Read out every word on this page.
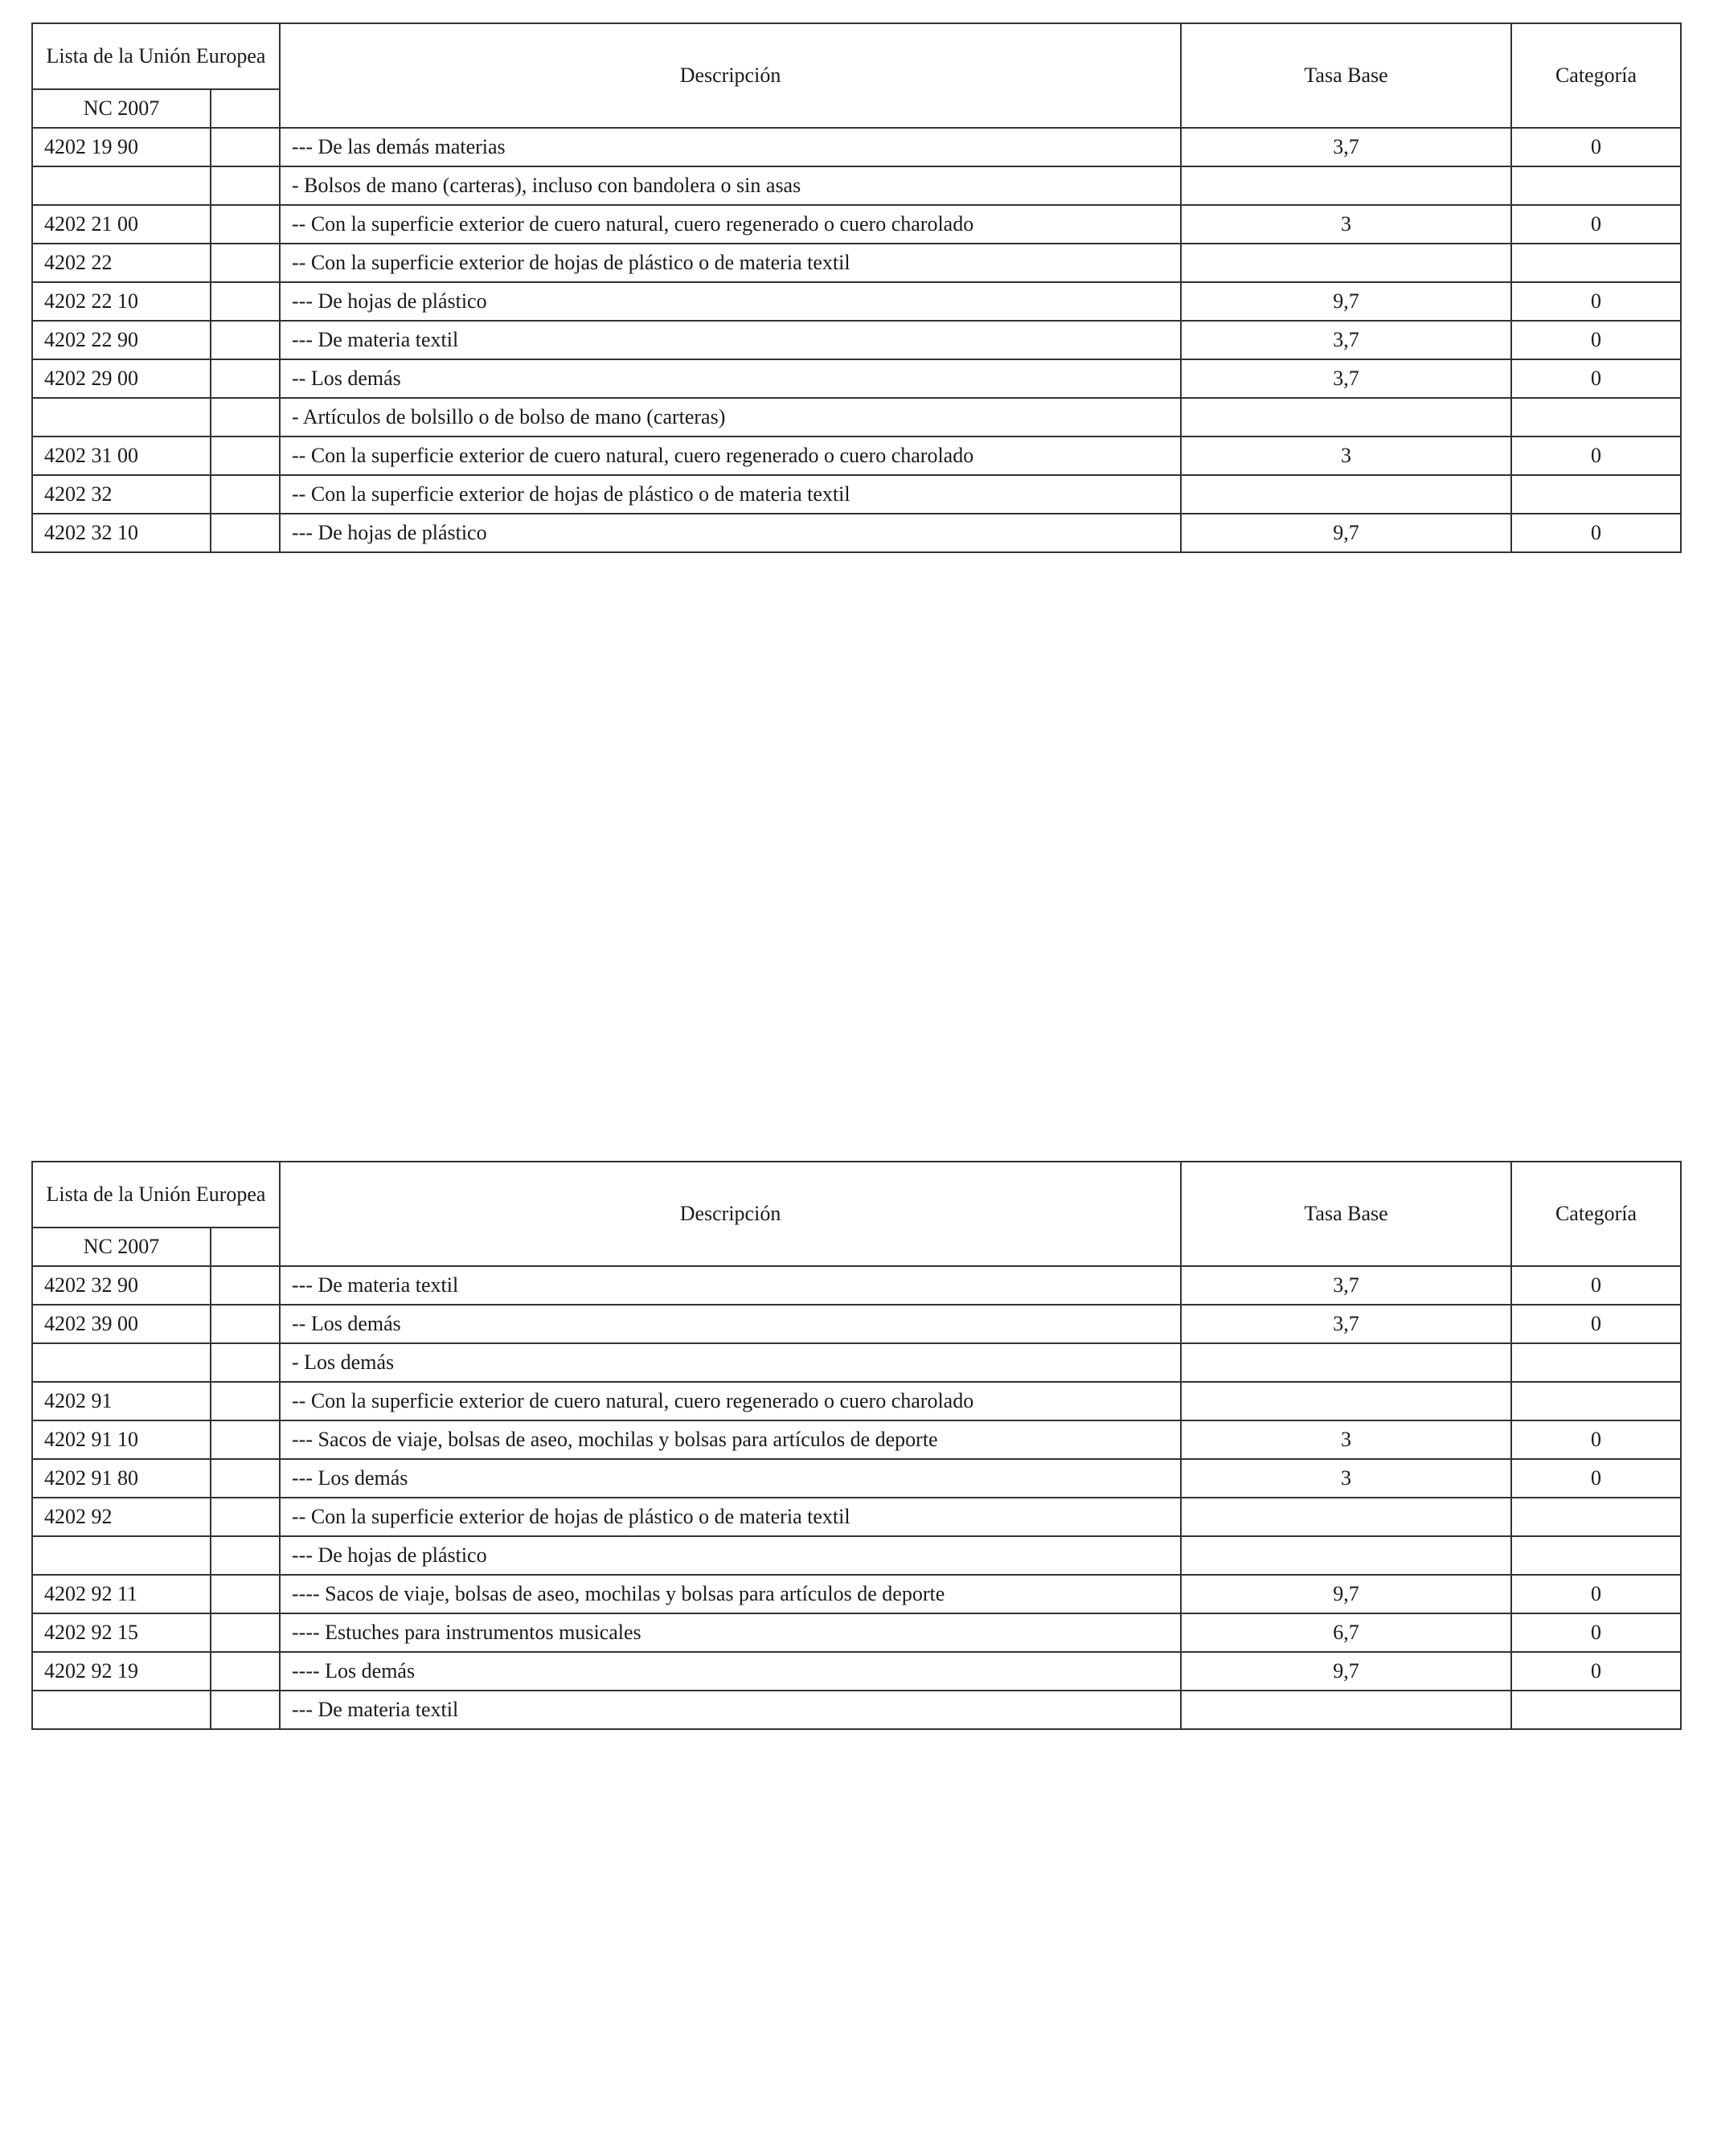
Lista de la Unión Europea		Descripción	Tasa Base	Categoría
NC 2007				
4202 19 90		--- De las demás materias	3,7	0
		- Bolsos de mano (carteras), incluso con bandolera o sin asas		
4202 21 00		-- Con la superficie exterior de cuero natural, cuero regenerado o cuero charolado	3	0
4202 22		-- Con la superficie exterior de hojas de plástico o de materia textil		
4202 22 10		--- De hojas de plástico	9,7	0
4202 22 90		--- De materia textil	3,7	0
4202 29 00		-- Los demás	3,7	0
		- Artículos de bolsillo o de bolso de mano (carteras)		
4202 31 00		-- Con la superficie exterior de cuero natural, cuero regenerado o cuero charolado	3	0
4202 32		-- Con la superficie exterior de hojas de plástico o de materia textil		
4202 32 10		--- De hojas de plástico	9,7	0
Lista de la Unión Europea		Descripción	Tasa Base	Categoría
NC 2007				
4202 32 90		--- De materia textil	3,7	0
4202 39 00		-- Los demás	3,7	0
		- Los demás		
4202 91		-- Con la superficie exterior de cuero natural, cuero regenerado o cuero charolado		
4202 91 10		--- Sacos de viaje, bolsas de aseo, mochilas y bolsas para artículos de deporte	3	0
4202 91 80		--- Los demás	3	0
4202 92		-- Con la superficie exterior de hojas de plástico o de materia textil		
		--- De hojas de plástico		
4202 92 11		---- Sacos de viaje, bolsas de aseo, mochilas y bolsas para artículos de deporte	9,7	0
4202 92 15		---- Estuches para instrumentos musicales	6,7	0
4202 92 19		---- Los demás	9,7	0
		--- De materia textil		
